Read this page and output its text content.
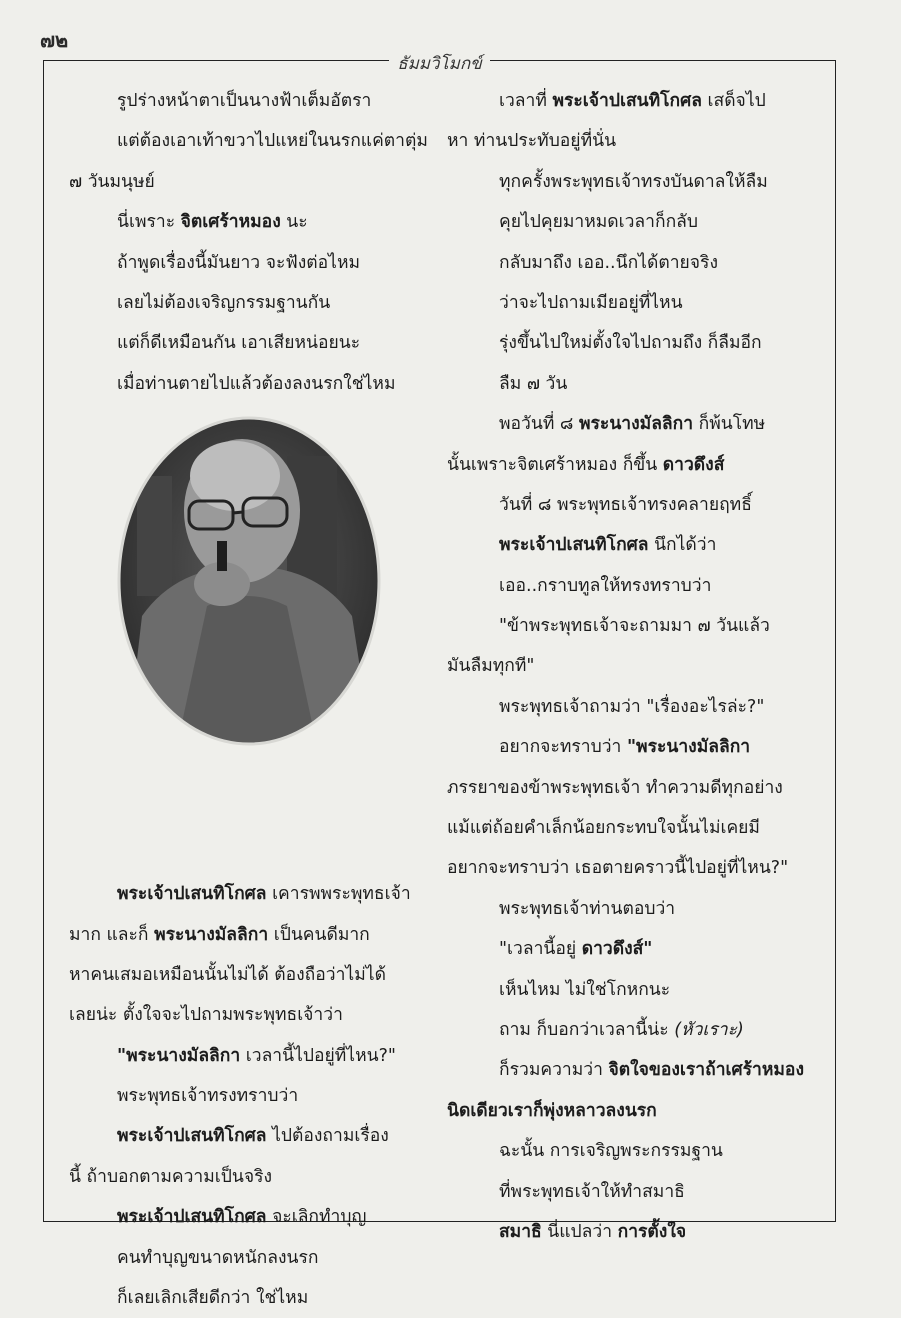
๗๒
ธัมมวิโมกข์
รูปร่างหน้าตาเป็นนางฟ้าเต็มอัตรา
แต่ต้องเอาเท้าขวาไปแหย่ในนรกแค่ตาตุ่ม
๗ วันมนุษย์
นี่เพราะ จิตเศร้าหมอง นะ
ถ้าพูดเรื่องนี้มันยาว จะฟังต่อไหม
เลยไม่ต้องเจริญกรรมฐานกัน
แต่ก็ดีเหมือนกัน เอาเสียหน่อยนะ
เมื่อท่านตายไปแล้วต้องลงนรกใช่ไหม
พระเจ้าปเสนทิโกศล เคารพพระพุทธเจ้า
มาก และก็ พระนางมัลลิกา เป็นคนดีมาก
หาคนเสมอเหมือนนั้นไม่ได้ ต้องถือว่าไม่ได้
เลยน่ะ ตั้งใจจะไปถามพระพุทธเจ้าว่า
"พระนางมัลลิกา เวลานี้ไปอยู่ที่ไหน?"
พระพุทธเจ้าทรงทราบว่า
พระเจ้าปเสนทิโกศล ไปต้องถามเรื่อง
นี้ ถ้าบอกตามความเป็นจริง
พระเจ้าปเสนทิโกศล จะเลิกทำบุญ
คนทำบุญขนาดหนักลงนรก
ก็เลยเลิกเสียดีกว่า ใช่ไหม
เวลาที่ พระเจ้าปเสนทิโกศล เสด็จไป
หา ท่านประทับอยู่ที่นั่น
ทุกครั้งพระพุทธเจ้าทรงบันดาลให้ลืม
คุยไปคุยมาหมดเวลาก็กลับ
กลับมาถึง เออ..นึกได้ตายจริง
ว่าจะไปถามเมียอยู่ที่ไหน
รุ่งขึ้นไปใหม่ตั้งใจไปถามถึง ก็ลืมอีก
ลืม ๗ วัน
พอวันที่ ๘ พระนางมัลลิกา ก็พ้นโทษ
นั้นเพราะจิตเศร้าหมอง ก็ขึ้น ดาวดึงส์
วันที่ ๘ พระพุทธเจ้าทรงคลายฤทธิ์
พระเจ้าปเสนทิโกศล นึกได้ว่า
เออ..กราบทูลให้ทรงทราบว่า
"ข้าพระพุทธเจ้าจะถามมา ๗ วันแล้ว
มันลืมทุกที"
พระพุทธเจ้าถามว่า "เรื่องอะไรล่ะ?"
อยากจะทราบว่า "พระนางมัลลิกา
ภรรยาของข้าพระพุทธเจ้า ทำความดีทุกอย่าง
แม้แต่ถ้อยคำเล็กน้อยกระทบใจนั้นไม่เคยมี
อยากจะทราบว่า เธอตายคราวนี้ไปอยู่ที่ไหน?"
พระพุทธเจ้าท่านตอบว่า
"เวลานี้อยู่ ดาวดึงส์"
เห็นไหม ไม่ใช่โกหกนะ
ถาม ก็บอกว่าเวลานี้น่ะ (หัวเราะ)
ก็รวมความว่า จิตใจของเราถ้าเศร้าหมอง
นิดเดียวเราก็พุ่งหลาวลงนรก
ฉะนั้น การเจริญพระกรรมฐาน
ที่พระพุทธเจ้าให้ทำสมาธิ
สมาธิ นี่แปลว่า การตั้งใจ
